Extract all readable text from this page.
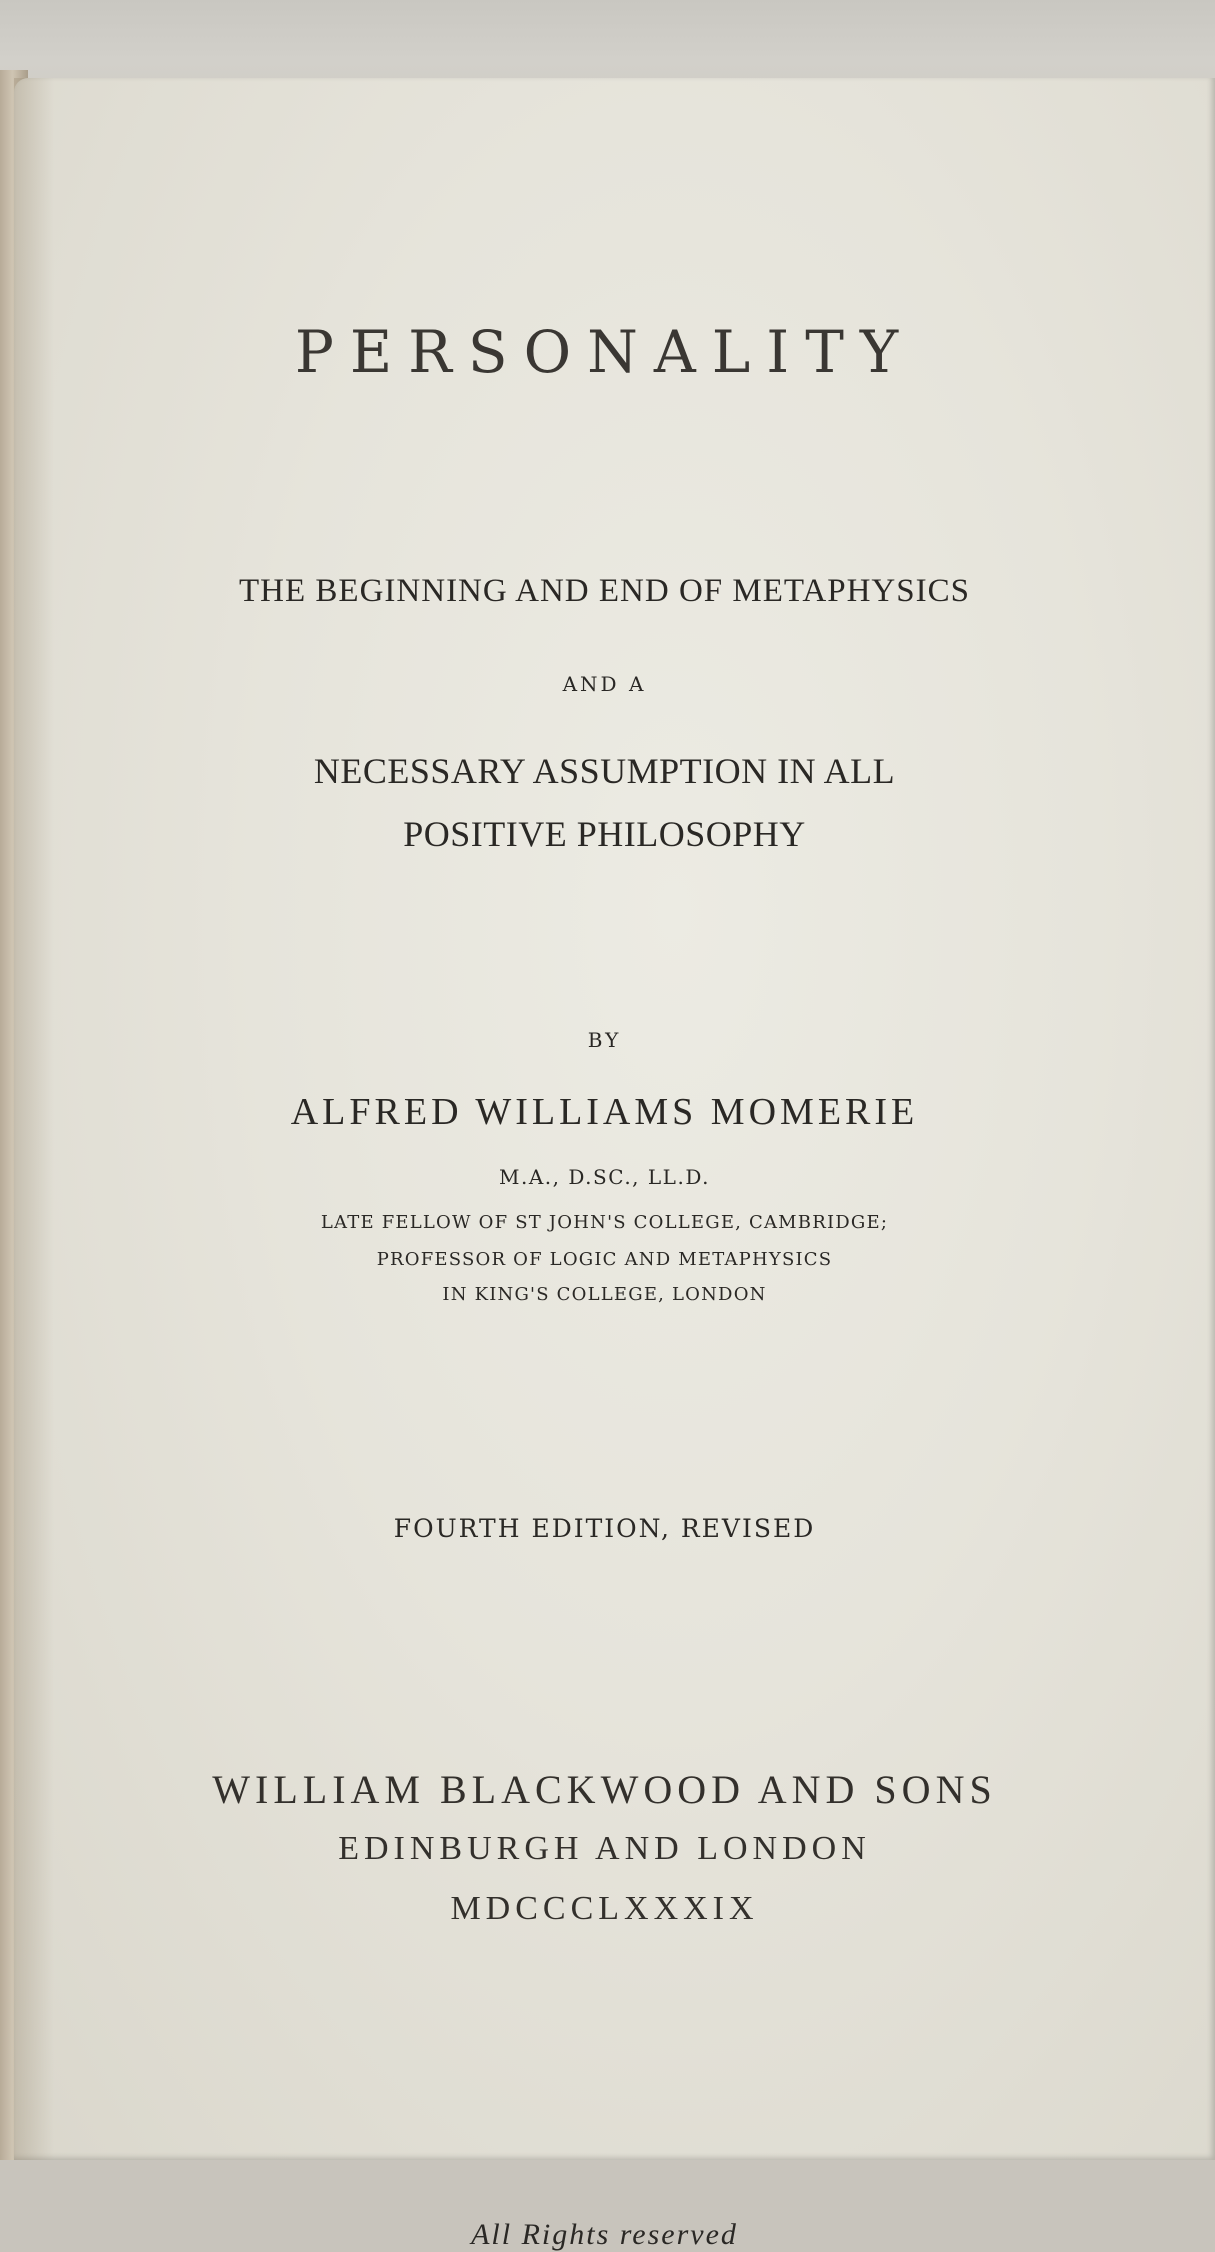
PERSONALITY

THE BEGINNING AND END OF METAPHYSICS

AND A

NECESSARY ASSUMPTION IN ALL

POSITIVE PHILOSOPHY

BY

ALFRED WILLIAMS MOMERIE

M.A., D.SC., LL.D.

LATE FELLOW OF ST JOHN'S COLLEGE, CAMBRIDGE;

PROFESSOR OF LOGIC AND METAPHYSICS

IN KING'S COLLEGE, LONDON

FOURTH EDITION, REVISED

WILLIAM BLACKWOOD AND SONS

EDINBURGH AND LONDON

MDCCCLXXXIX

All Rights reserved
